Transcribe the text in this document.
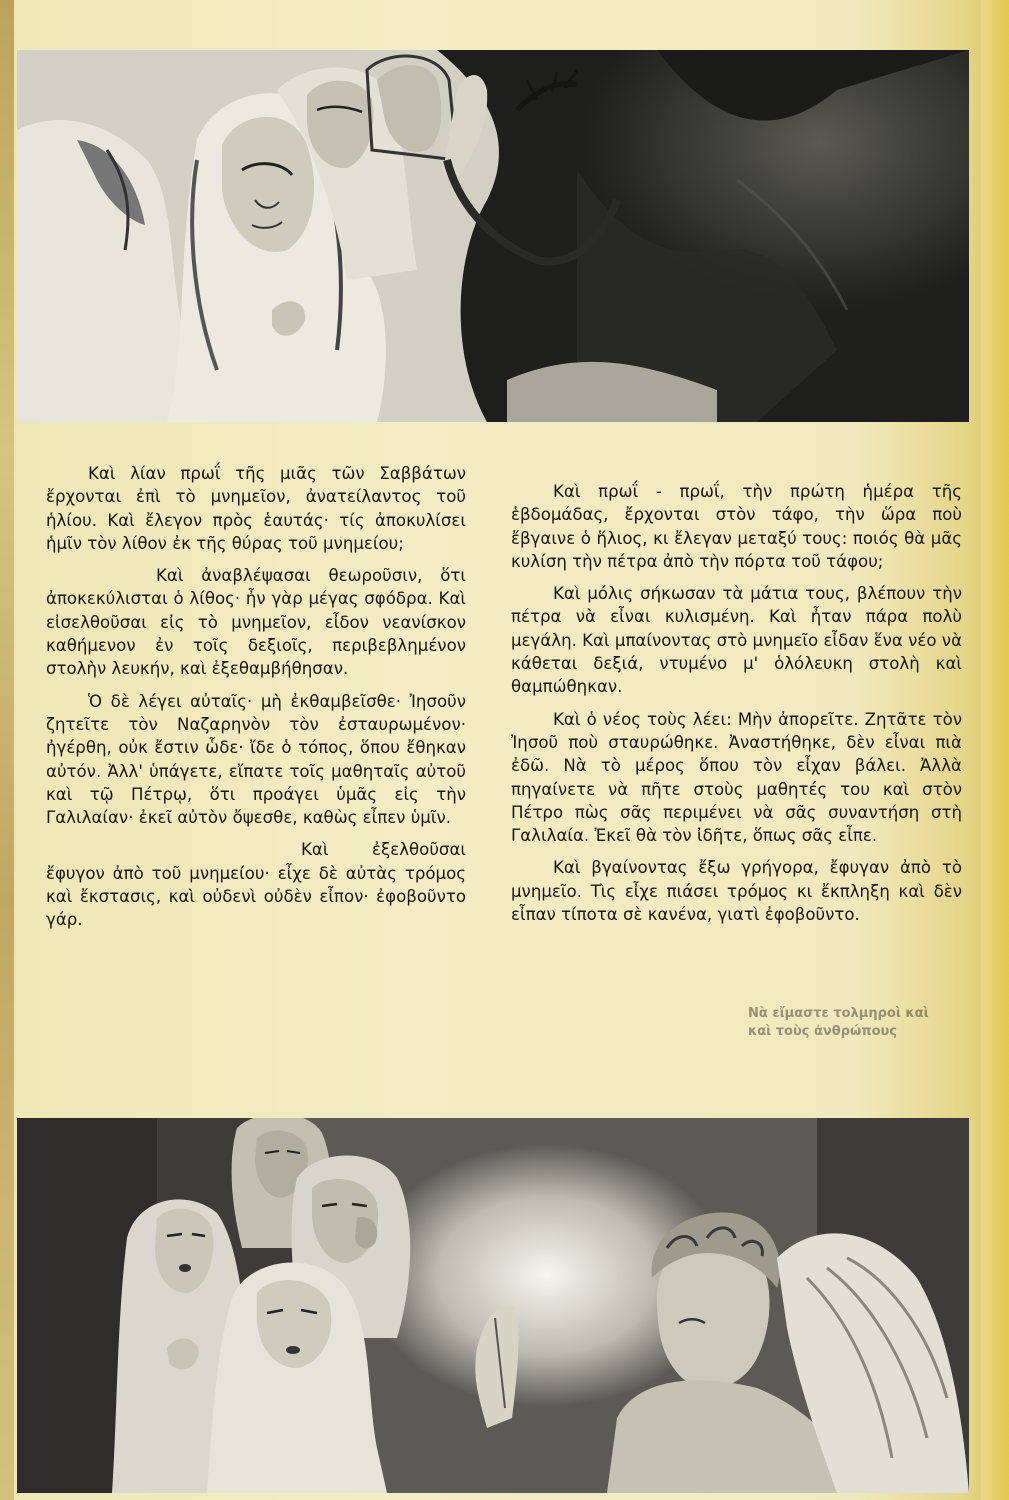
Καὶ λίαν πρωΐ τῆς μιᾶς τῶν Σαββάτων ἔρχονται ἐπὶ τὸ μνημεῖον, ἀνατείλαντος τοῦ ἡλίου. Καὶ ἔλεγον πρὸς ἑαυτάς· τίς ἀποκυλίσει ἡμῖν τὸν λίθον ἐκ τῆς θύρας τοῦ μνημείου;

Καὶ ἀναβλέψασαι θεωροῦσιν, ὅτι ἀποκεκύλισται ὁ λίθος· ἦν γὰρ μέγας σφόδρα. Καὶ εἰσελθοῦσαι εἰς τὸ μνημεῖον, εἶδον νεανίσκον καθήμενον ἐν τοῖς δεξιοῖς, περιβεβλημένον στολὴν λευκήν, καὶ ἐξεθαμβήθησαν.

Ὁ δὲ λέγει αὐταῖς· μὴ ἐκθαμβεῖσθε· Ἰησοῦν ζητεῖτε τὸν Ναζαρηνὸν τὸν ἐσταυρωμένον· ἠγέρθη, οὐκ ἔστιν ὧδε· ἴδε ὁ τόπος, ὅπου ἔθηκαν αὐτόν. Ἀλλ' ὑπάγετε, εἴπατε τοῖς μαθηταῖς αὐτοῦ καὶ τῷ Πέτρῳ, ὅτι προάγει ὑμᾶς εἰς τὴν Γαλιλαίαν· ἐκεῖ αὐτὸν ὄψεσθε, καθὼς εἶπεν ὑμῖν.

Καὶ ἐξελθοῦσαι ἔφυγον ἀπὸ τοῦ μνημείου· εἶχε δὲ αὐτὰς τρόμος καὶ ἔκστασις, καὶ οὐδενὶ οὐδὲν εἶπον· ἐφοβοῦντο γάρ.

Καὶ πρωΐ - πρωΐ, τὴν πρώτη ἡμέρα τῆς ἑβδομάδας, ἔρχονται στὸν τάφο, τὴν ὥρα ποὺ ἔβγαινε ὁ ἥλιος, κι ἔλεγαν μεταξύ τους: ποιός θὰ μᾶς κυλίση τὴν πέτρα ἀπὸ τὴν πόρτα τοῦ τάφου;

Καὶ μόλις σήκωσαν τὰ μάτια τους, βλέπουν τὴν πέτρα νὰ εἶναι κυλισμένη. Καὶ ἦταν πάρα πολὺ μεγάλη. Καὶ μπαίνοντας στὸ μνημεῖο εἶδαν ἕνα νέο νὰ κάθεται δεξιά, ντυμένο μ' ὁλόλευκη στολὴ καὶ θαμπώθηκαν.

Καὶ ὁ νέος τοὺς λέει: Μὴν ἀπορεῖτε. Ζητᾶτε τὸν Ἰησοῦ ποὺ σταυρώθηκε. Ἀναστήθηκε, δὲν εἶναι πιὰ ἐδῶ. Νὰ τὸ μέρος ὅπου τὸν εἶχαν βάλει. Ἀλλὰ πηγαίνετε νὰ πῆτε στοὺς μαθητές του καὶ στὸν Πέτρο πὼς σᾶς περιμένει νὰ σᾶς συναντήση στὴ Γαλιλαία. Ἐκεῖ θὰ τὸν ἰδῆτε, ὅπως σᾶς εἶπε.

Καὶ βγαίνοντας ἔξω γρήγορα, ἔφυγαν ἀπὸ τὸ μνημεῖο. Τὶς εἶχε πιάσει τρόμος κι ἔκπληξη καὶ δὲν εἶπαν τίποτα σὲ κανένα, γιατὶ ἐφοβοῦντο.

Νὰ εἴμαστε τολμηροὶ καὶ
καὶ τοὺς ἀνθρώπους
